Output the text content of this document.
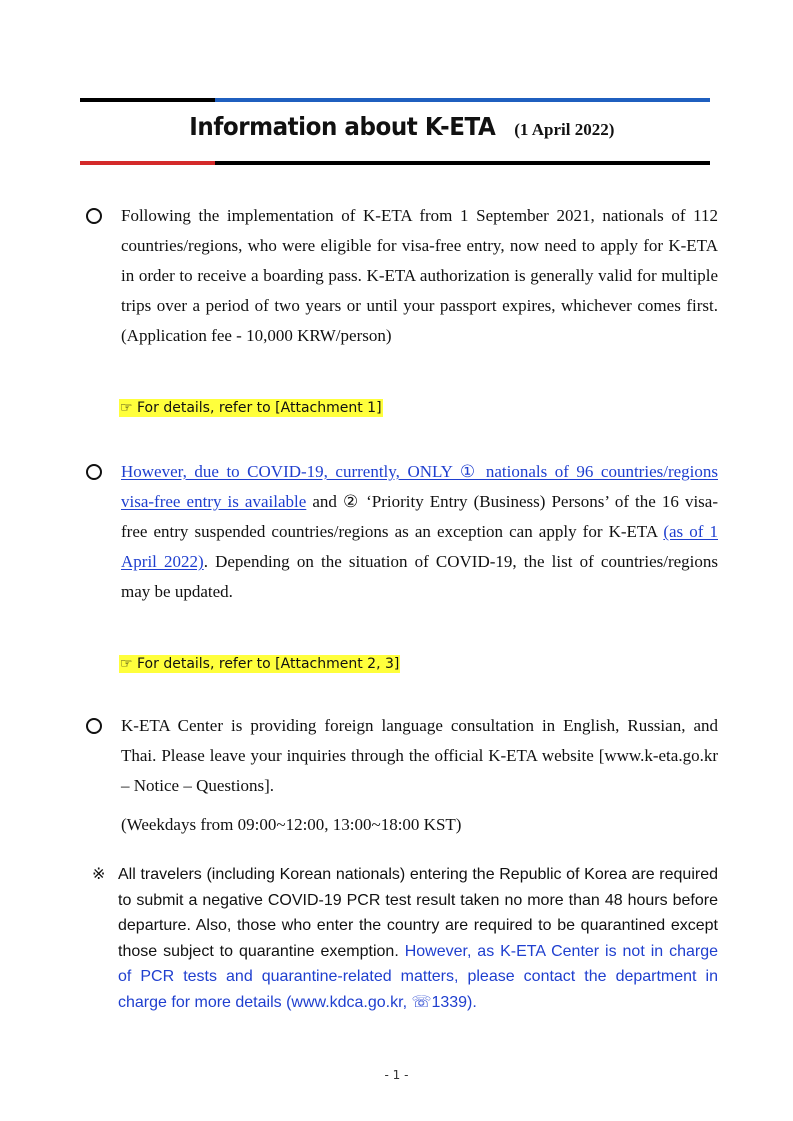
Information about K-ETA (1 April 2022)
Following the implementation of K-ETA from 1 September 2021, nationals of 112 countries/regions, who were eligible for visa-free entry, now need to apply for K-ETA in order to receive a boarding pass. K-ETA authorization is generally valid for multiple trips over a period of two years or until your passport expires, whichever comes first. (Application fee - 10,000 KRW/person)
☞ For details, refer to [Attachment 1]
However, due to COVID-19, currently, ONLY ① nationals of 96 countries/regions visa-free entry is available and ② ‘Priority Entry (Business) Persons’ of the 16 visa-free entry suspended countries/regions as an exception can apply for K-ETA (as of 1 April 2022). Depending on the situation of COVID-19, the list of countries/regions may be updated.
☞ For details, refer to [Attachment 2, 3]
K-ETA Center is providing foreign language consultation in English, Russian, and Thai. Please leave your inquiries through the official K-ETA website [www.k-eta.go.kr – Notice – Questions].
(Weekdays from 09:00~12:00, 13:00~18:00 KST)
※ All travelers (including Korean nationals) entering the Republic of Korea are required to submit a negative COVID-19 PCR test result taken no more than 48 hours before departure. Also, those who enter the country are required to be quarantined except those subject to quarantine exemption. However, as K-ETA Center is not in charge of PCR tests and quarantine-related matters, please contact the department in charge for more details (www.kdca.go.kr, ☏1339).
- 1 -
